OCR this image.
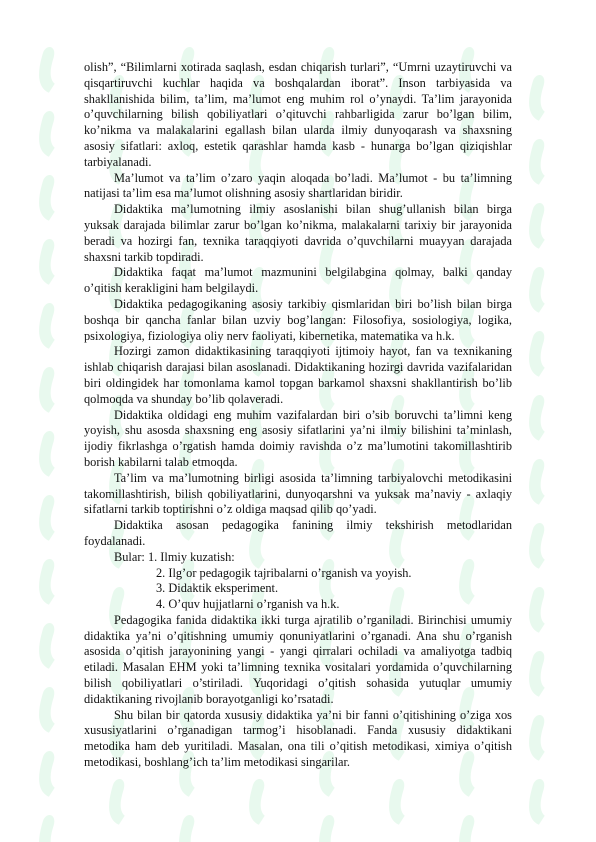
olish”, “Bilimlarni xotirada saqlash, esdan chiqarish turlari”, “Umrni uzaytiruvchi va qisqartiruvchi kuchlar haqida va boshqalardan iborat”. Inson tarbiyasida va shakllanishida bilim, ta’lim, ma’lumot eng muhim rol o’ynaydi. Ta’lim jarayonida o’quvchilarning bilish qobiliyatlari o’qituvchi rahbarligida zarur bo’lgan bilim, ko’nikma va malakalarini egallash bilan ularda ilmiy dunyoqarash va shaxsning asosiy sifatlari: axloq, estetik qarashlar hamda kasb - hunarga bo’lgan qiziqishlar tarbiyalanadi.

Ma’lumot va ta’lim o’zaro yaqin aloqada bo’ladi. Ma’lumot - bu ta’limning natijasi ta’lim esa ma’lumot olishning asosiy shartlaridan biridir.

Didaktika ma’lumotning ilmiy asoslanishi bilan shug’ullanish bilan birga yuksak darajada bilimlar zarur bo’lgan ko’nikma, malakalarni tarixiy bir jarayonida beradi va hozirgi fan, texnika taraqqiyoti davrida o’quvchilarni muayyan darajada shaxsni tarkib topdiradi.

Didaktika faqat ma’lumot mazmunini belgilabgina qolmay, balki qanday o’qitish kerakligini ham belgilaydi.

Didaktika pedagogikaning asosiy tarkibiy qismlaridan biri bo’lish bilan birga boshqa bir qancha fanlar bilan uzviy bog’langan: Filosofiya, sosiologiya, logika, psixologiya, fiziologiya oliy nerv faoliyati, kibernetika, matematika va h.k.

Hozirgi zamon didaktikasining taraqqiyoti ijtimoiy hayot, fan va texnikaning ishlab chiqarish darajasi bilan asoslanadi. Didaktikaning hozirgi davrida vazifalaridan biri oldingidek har tomonlama kamol topgan barkamol shaxsni shakllantirish bo’lib qolmoqda va shunday bo’lib qolaveradi.

Didaktika oldidagi eng muhim vazifalardan biri o’sib boruvchi ta’limni keng yoyish, shu asosda shaxsning eng asosiy sifatlarini ya’ni ilmiy bilishini ta’minlash, ijodiy fikrlashga o’rgatish hamda doimiy ravishda o’z ma’lumotini takomillashtirib borish kabilarni talab etmoqda.

Ta’lim va ma’lumotning birligi asosida ta’limning tarbiyalovchi metodikasini takomillashtirish, bilish qobiliyatlarini, dunyoqarshni va yuksak ma’naviy - axlaqiy sifatlarni tarkib toptirishni o’z oldiga maqsad qilib qo’yadi.

Didaktika asosan pedagogika fanining ilmiy tekshirish metodlaridan foydalanadi.

Bular: 1. Ilmiy kuzatish:

2. Ilg’or pedagogik tajribalarni o’rganish va yoyish.

3. Didaktik eksperiment.

4. O’quv hujjatlarni o’rganish va h.k.

Pedagogika fanida didaktika ikki turga ajratilib o’rganiladi. Birinchisi umumiy didaktika ya’ni o’qitishning umumiy qonuniyatlarini o’rganadi. Ana shu o’rganish asosida o’qitish jarayonining yangi - yangi qirralari ochiladi va amaliyotga tadbiq etiladi. Masalan EHM yoki ta’limning texnika vositalari yordamida o’quvchilarning bilish qobiliyatlari o’stiriladi. Yuqoridagi o’qitish sohasida yutuqlar umumiy didaktikaning rivojlanib borayotganligi ko’rsatadi.

Shu bilan bir qatorda xususiy didaktika ya’ni bir fanni o’qitishining o’ziga xos xususiyatlarini o’rganadigan tarmog’i hisoblanadi. Fanda xususiy didaktikani metodika ham deb yuritiladi. Masalan, ona tili o’qitish metodikasi, ximiya o’qitish metodikasi, boshlang’ich ta’lim metodikasi singarilar.
